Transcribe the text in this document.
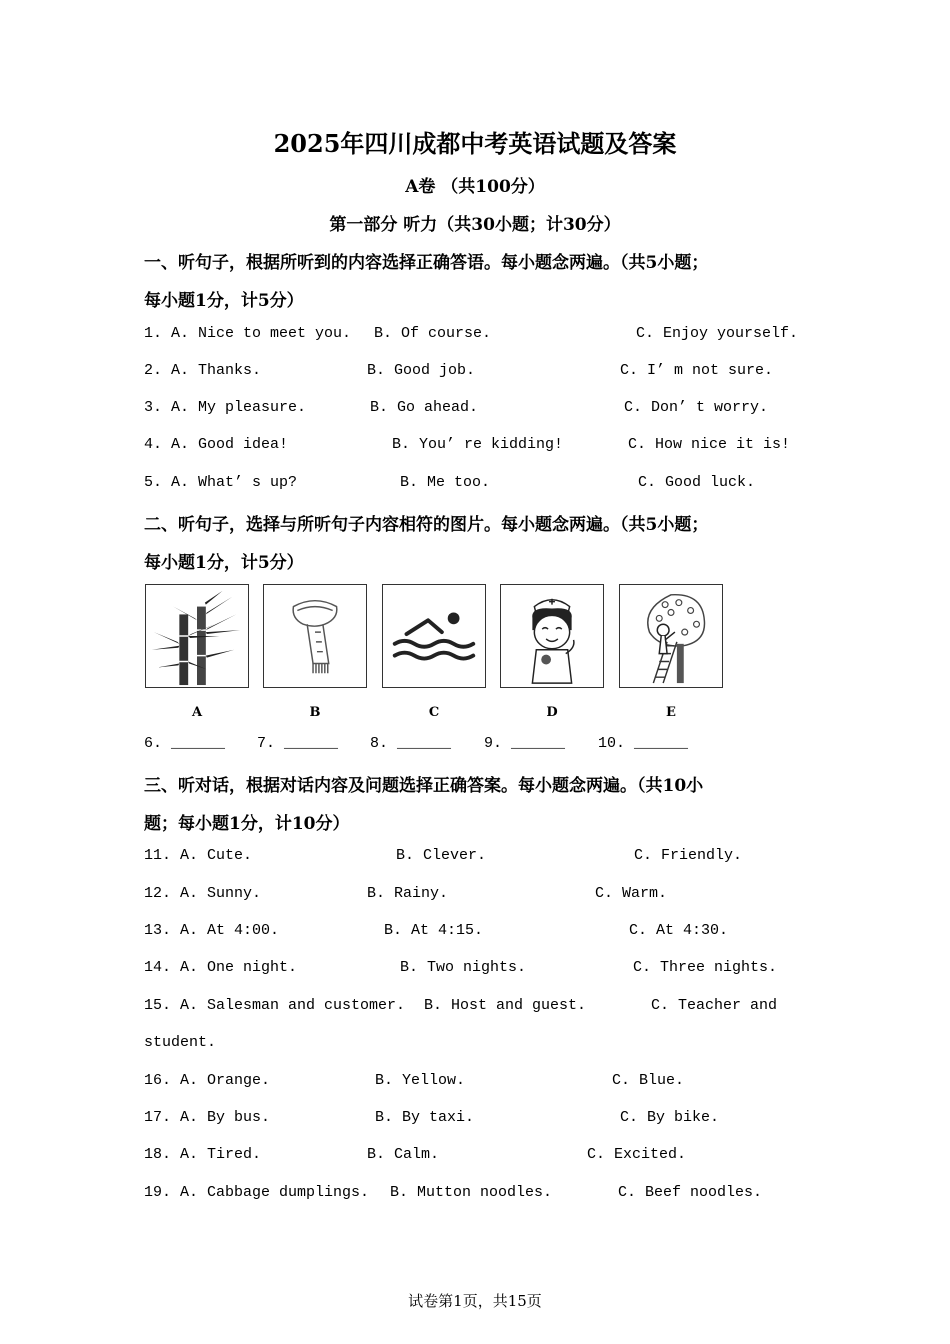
2025年四川成都中考英语试题及答案
A卷 （共100分）
第一部分 听力（共30小题；计30分）
一、听句子，根据所听到的内容选择正确答语。每小题念两遍。（共5小题；
每小题1分，计5分）
1. A. Nice to meet you. B. Of course.	C. Enjoy yourself.
2. A. Thanks.	B. Good job.	C. I’ m not sure.
3. A. My pleasure.	B. Go ahead.	C. Don’ t worry.
4. A. Good idea!	B. You’ re kidding!	C. How nice it is!
5. A. What’ s up?	B. Me too.	C. Good luck.
二、听句子，选择与所听句子内容相符的图片。每小题念两遍。（共5小题；
每小题1分，计5分）
A	B	C	D	E
6. ______ 7. ______ 8. ______ 9. ______ 10. ______
三、听对话，根据对话内容及问题选择正确答案。每小题念两遍。（共10小
题；每小题1分，计10分）
11. A. Cute.	B. Clever.	C. Friendly.
12. A. Sunny.	B. Rainy.	C. Warm.
13. A. At 4:00.	B. At 4:15.	C. At 4:30.
14. A. One night.	B. Two nights.	C. Three nights.
15. A. Salesman and customer. B. Host and guest.	C. Teacher and
student.
16. A. Orange.	B. Yellow.	C. Blue.
17. A. By bus.	B. By taxi.	C. By bike.
18. A. Tired.	B. Calm.	C. Excited.
19. A. Cabbage dumplings. B. Mutton noodles.	C. Beef noodles.
试卷第1页，共15页
